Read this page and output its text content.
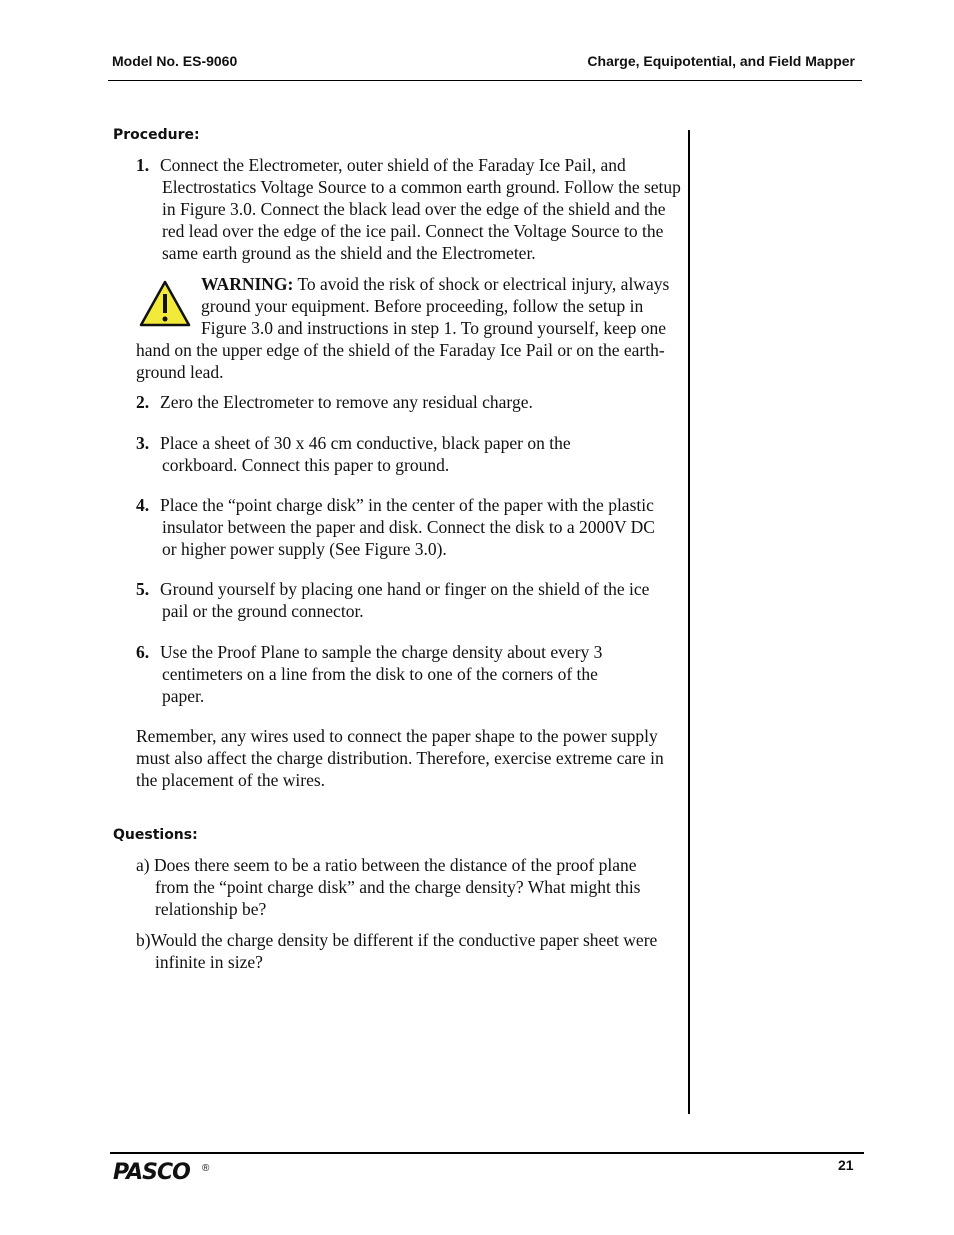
Model No. ES-9060	Charge, Equipotential, and Field Mapper
Procedure:

1. Connect the Electrometer, outer shield of the Faraday Ice Pail, and Electrostatics Voltage Source to a common earth ground. Follow the setup in Figure 3.0. Connect the black lead over the edge of the shield and the red lead over the edge of the ice pail. Connect the Voltage Source to the same earth ground as the shield and the Electrometer.

WARNING: To avoid the risk of shock or electrical injury, always ground your equipment. Before proceeding, follow the setup in Figure 3.0 and instructions in step 1. To ground yourself, keep one hand on the upper edge of the shield of the Faraday Ice Pail or on the earth-ground lead.

2. Zero the Electrometer to remove any residual charge.

3. Place a sheet of 30 x 46 cm conductive, black paper on the corkboard. Connect this paper to ground.

4. Place the “point charge disk” in the center of the paper with the plastic insulator between the paper and disk. Connect the disk to a 2000V DC or higher power supply (See Figure 3.0).

5. Ground yourself by placing one hand or finger on the shield of the ice pail or the ground connector.

6. Use the Proof Plane to sample the charge density about every 3 centimeters on a line from the disk to one of the corners of the paper.

Remember, any wires used to connect the paper shape to the power supply must also affect the charge distribution. Therefore, exercise extreme care in the placement of the wires.

Questions:

a) Does there seem to be a ratio between the distance of the proof plane from the “point charge disk” and the charge density? What might this relationship be?

b)Would the charge density be different if the conductive paper sheet were infinite in size?

PASCO ®	21
